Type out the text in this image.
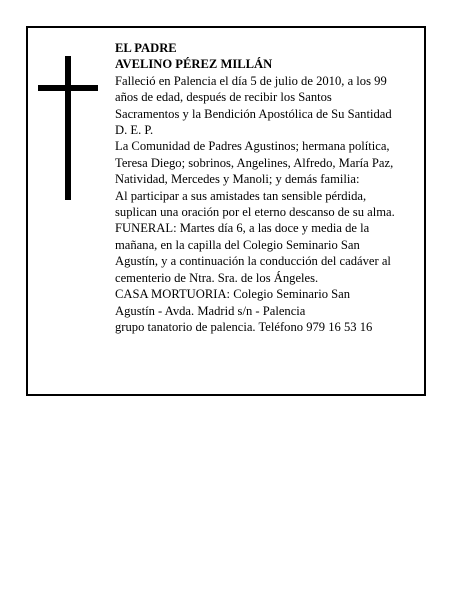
EL PADRE
AVELINO PÉREZ MILLÁN
Falleció en Palencia el día 5 de julio de 2010, a los 99
años de edad, después de recibir los Santos
Sacramentos y la Bendición Apostólica de Su Santidad
D. E. P.
La Comunidad de Padres Agustinos; hermana política,
Teresa Diego; sobrinos, Angelines, Alfredo, María Paz,
Natividad, Mercedes y Manoli; y demás familia:
Al participar a sus amistades tan sensible pérdida,
suplican una oración por el eterno descanso de su alma.
FUNERAL: Martes día 6, a las doce y media de la
mañana, en la capilla del Colegio Seminario San
Agustín, y a continuación la conducción del cadáver al
cementerio de Ntra. Sra. de los Ángeles.
CASA MORTUORIA: Colegio Seminario San
Agustín - Avda. Madrid s/n - Palencia
grupo tanatorio de palencia. Teléfono 979 16 53 16
